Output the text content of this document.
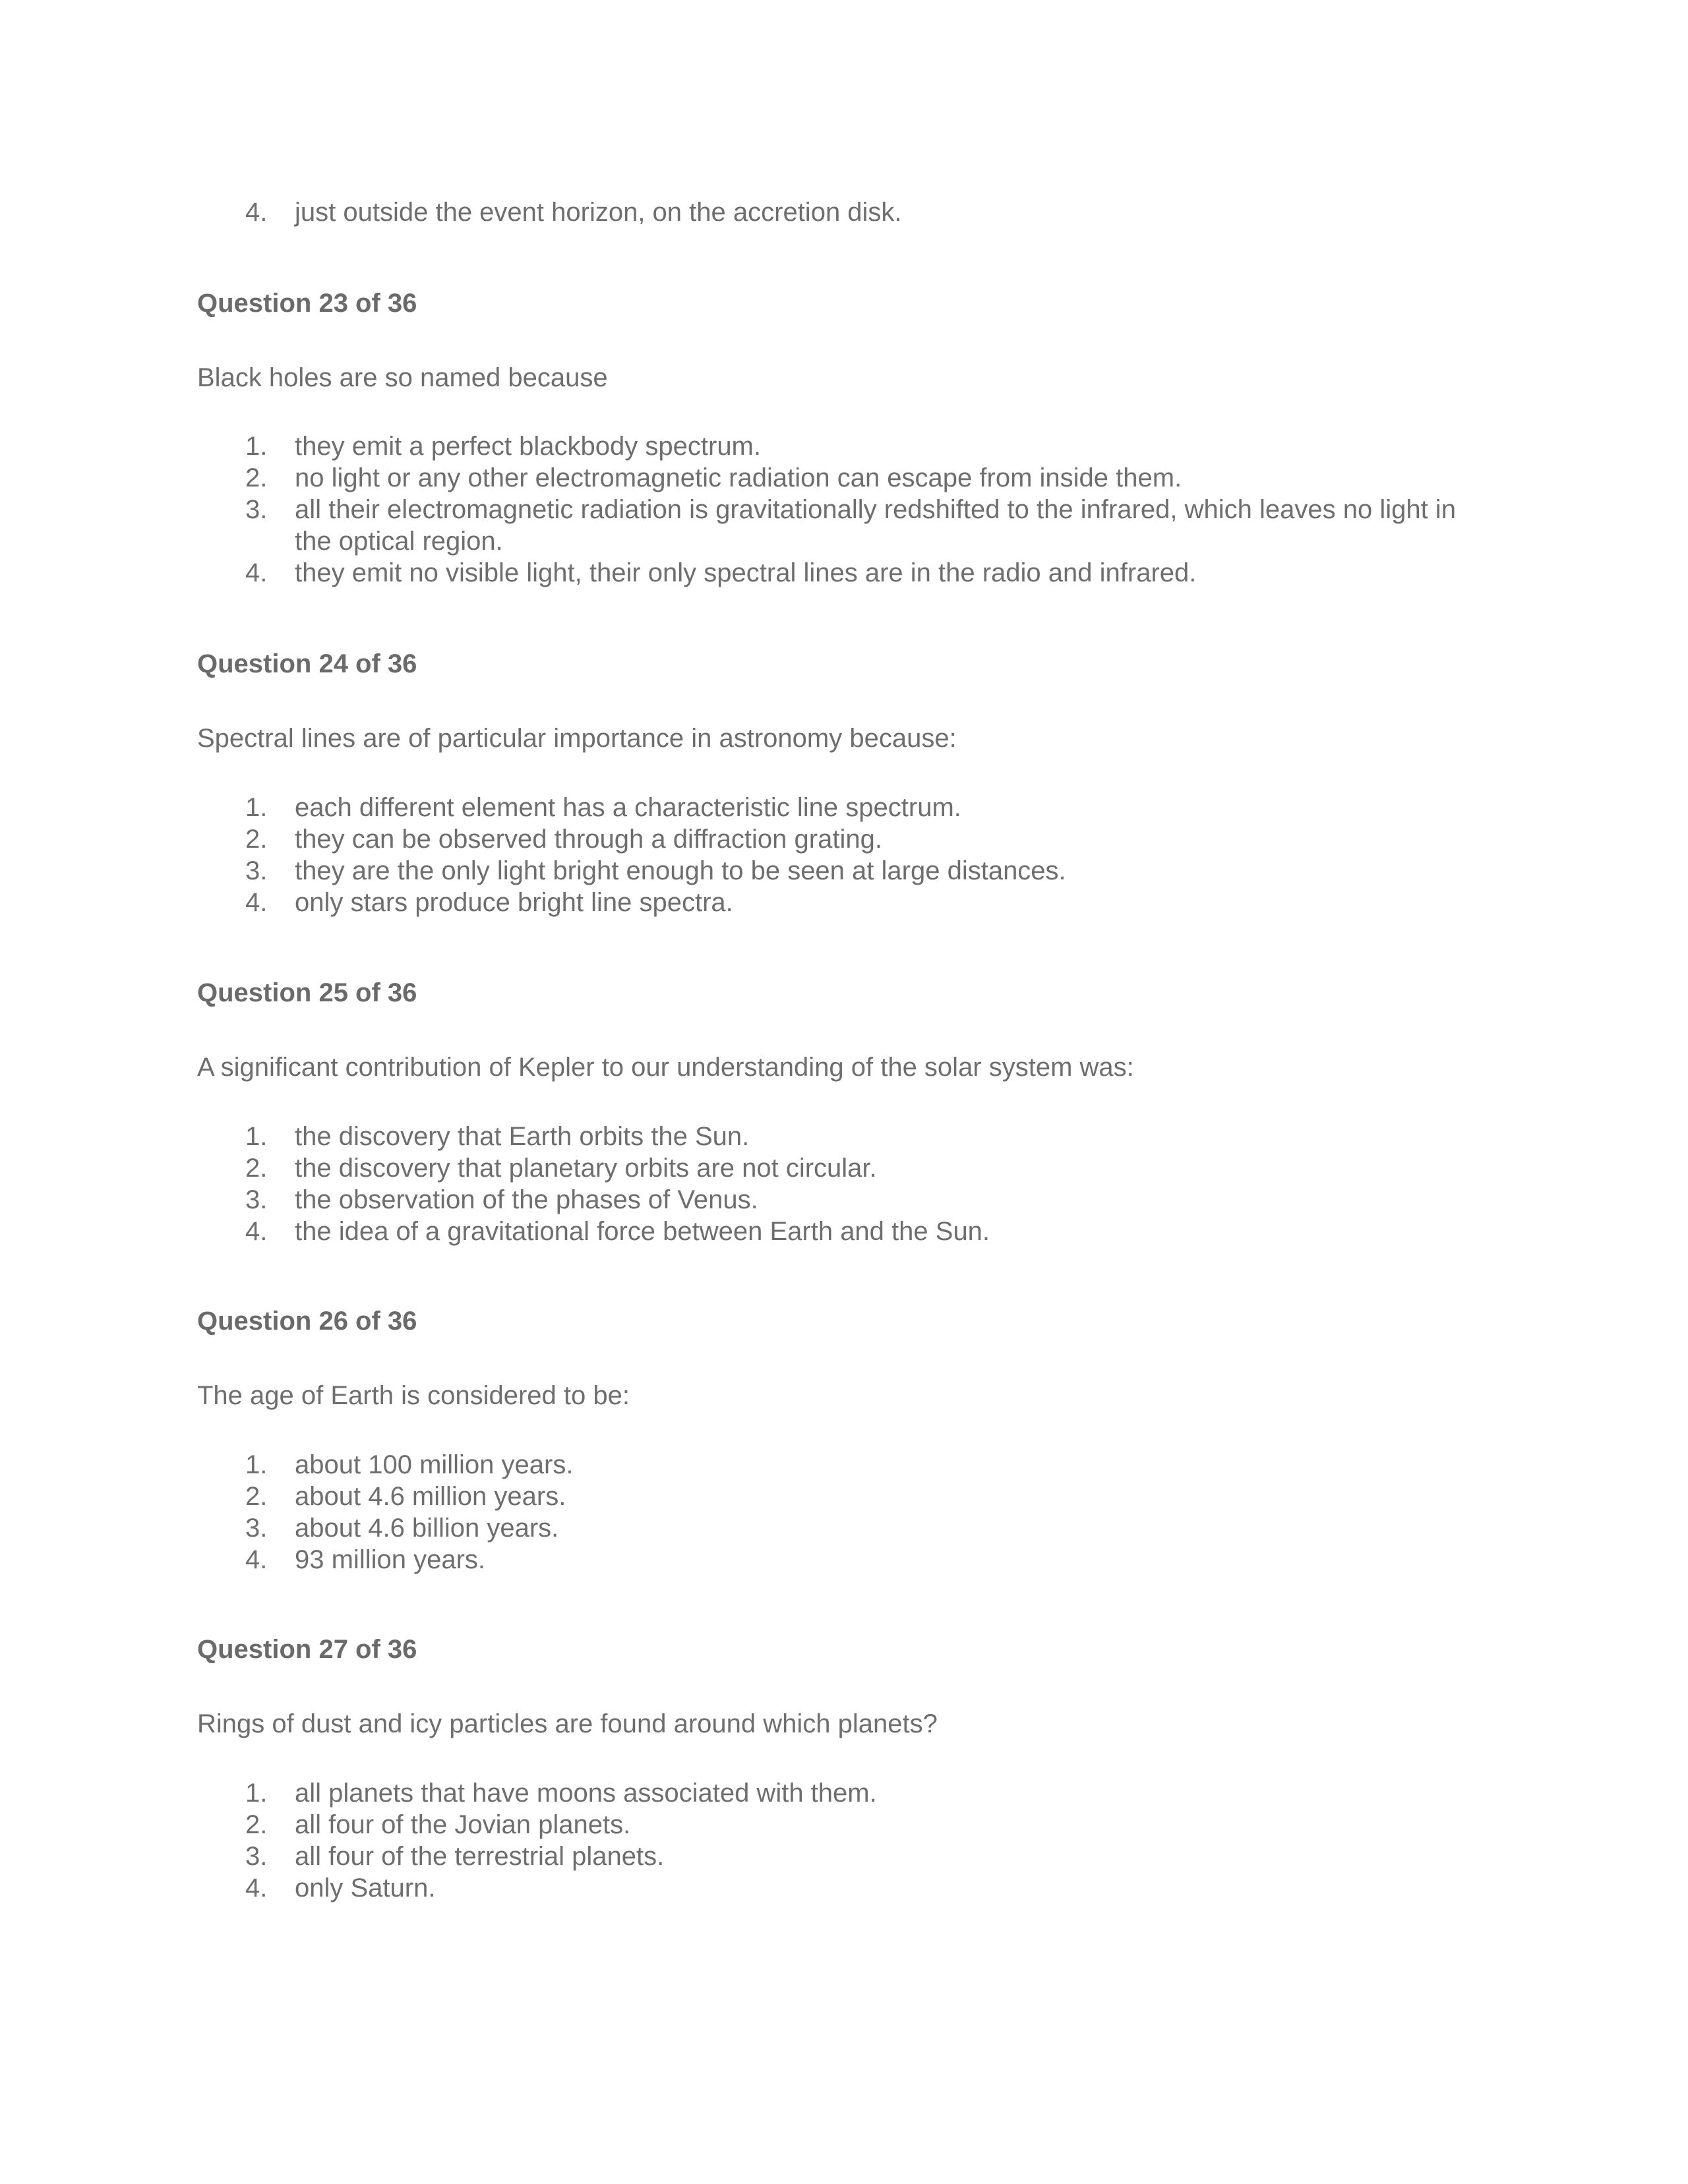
4. just outside the event horizon, on the accretion disk.
Question 23 of 36

Black holes are so named because

1. they emit a perfect blackbody spectrum.
2. no light or any other electromagnetic radiation can escape from inside them.
3. all their electromagnetic radiation is gravitationally redshifted to the infrared, which leaves no light in the optical region.
4. they emit no visible light, their only spectral lines are in the radio and infrared.
Question 24 of 36

Spectral lines are of particular importance in astronomy because:

1. each different element has a characteristic line spectrum.
2. they can be observed through a diffraction grating.
3. they are the only light bright enough to be seen at large distances.
4. only stars produce bright line spectra.
Question 25 of 36

A significant contribution of Kepler to our understanding of the solar system was:

1. the discovery that Earth orbits the Sun.
2. the discovery that planetary orbits are not circular.
3. the observation of the phases of Venus.
4. the idea of a gravitational force between Earth and the Sun.
Question 26 of 36

The age of Earth is considered to be:

1. about 100 million years.
2. about 4.6 million years.
3. about 4.6 billion years.
4. 93 million years.
Question 27 of 36

Rings of dust and icy particles are found around which planets?

1. all planets that have moons associated with them.
2. all four of the Jovian planets.
3. all four of the terrestrial planets.
4. only Saturn.
